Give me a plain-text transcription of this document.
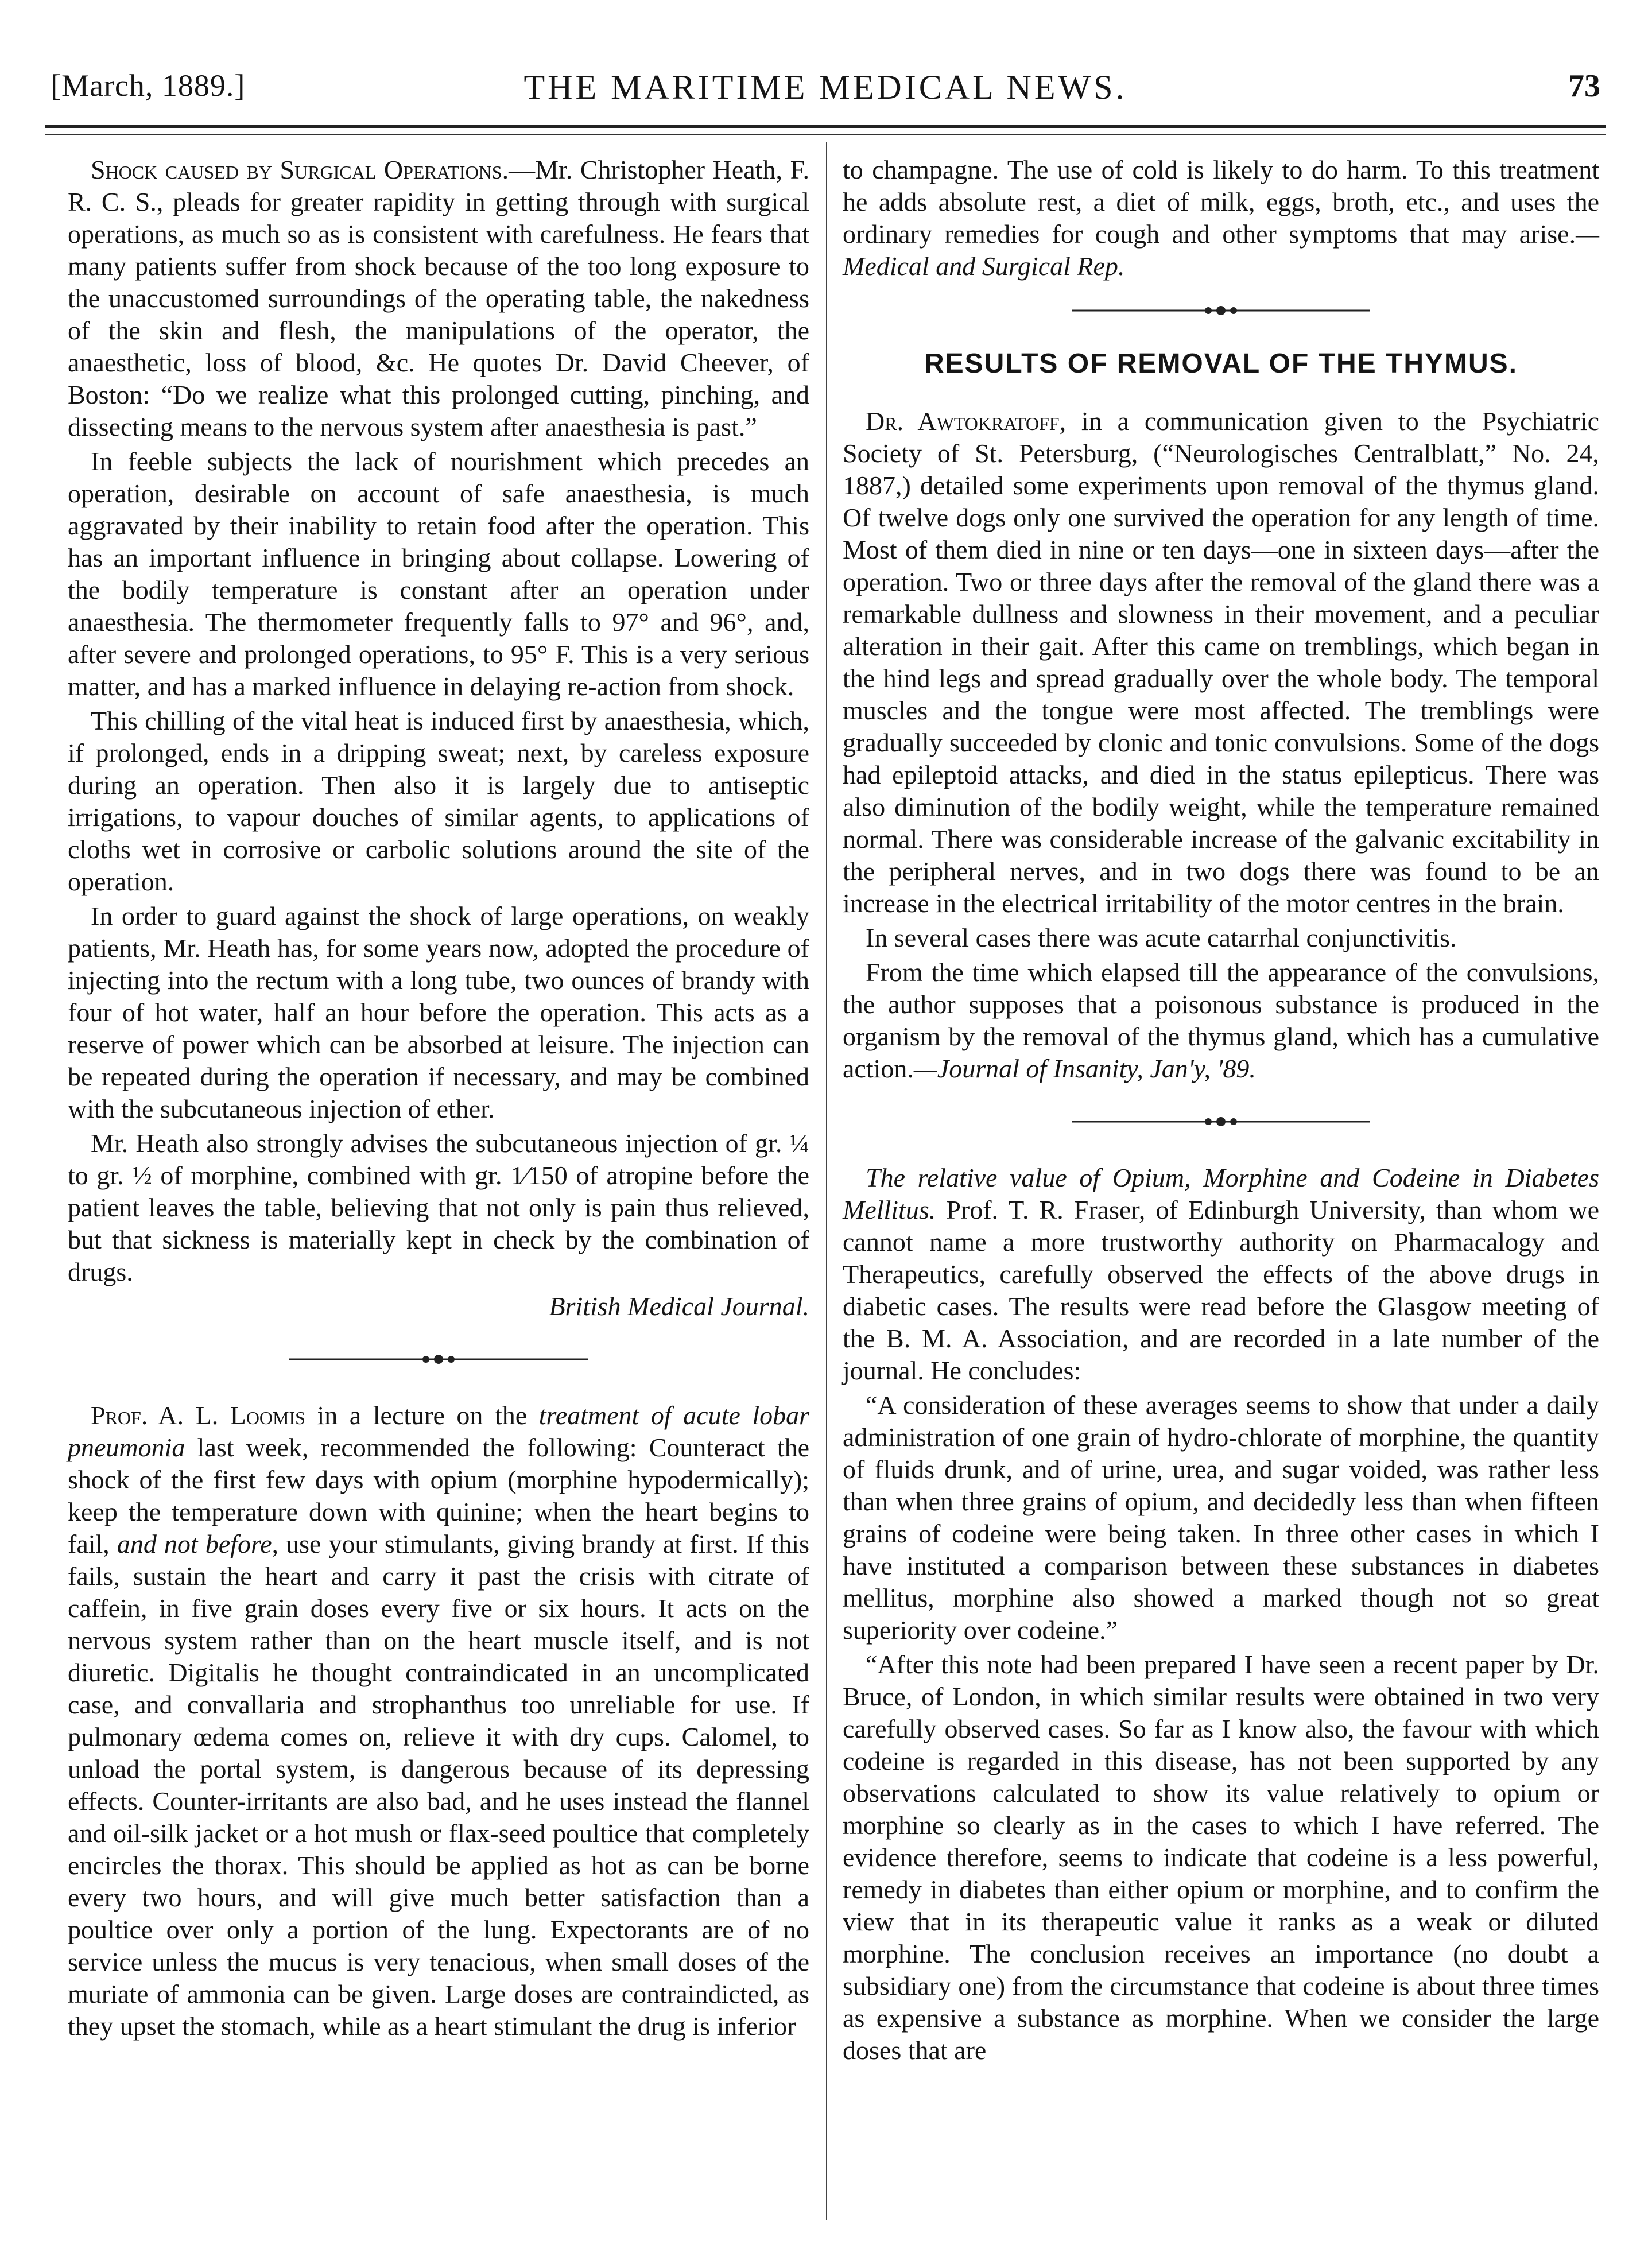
[March, 1889.]	THE MARITIME MEDICAL NEWS.	73

Shock caused by Surgical Operations.—Mr. Christopher Heath, F. R. C. S., pleads for greater rapidity in getting through with surgical operations, as much so as is consistent with carefulness. He fears that many patients suffer from shock because of the too long exposure to the unaccustomed surroundings of the operating table, the nakedness of the skin and flesh, the manipulations of the operator, the anaesthetic, loss of blood, &c. He quotes Dr. David Cheever, of Boston: “Do we realize what this prolonged cutting, pinching, and dissecting means to the nervous system after anaesthesia is past.”

In feeble subjects the lack of nourishment which precedes an operation, desirable on account of safe anaesthesia, is much aggravated by their inability to retain food after the operation. This has an important influence in bringing about collapse. Lowering of the bodily temperature is constant after an operation under anaesthesia. The thermometer frequently falls to 97° and 96°, and, after severe and prolonged operations, to 95° F. This is a very serious matter, and has a marked influence in delaying re-action from shock.

This chilling of the vital heat is induced first by anaesthesia, which, if prolonged, ends in a dripping sweat; next, by careless exposure during an operation. Then also it is largely due to antiseptic irrigations, to vapour douches of similar agents, to applications of cloths wet in corrosive or carbolic solutions around the site of the operation.

In order to guard against the shock of large operations, on weakly patients, Mr. Heath has, for some years now, adopted the procedure of injecting into the rectum with a long tube, two ounces of brandy with four of hot water, half an hour before the operation. This acts as a reserve of power which can be absorbed at leisure. The injection can be repeated during the operation if necessary, and may be combined with the subcutaneous injection of ether.

Mr. Heath also strongly advises the subcutaneous injection of gr. ¼ to gr. ½ of morphine, combined with gr. 1⁄150 of atropine before the patient leaves the table, believing that not only is pain thus relieved, but that sickness is materially kept in check by the combination of drugs.

British Medical Journal.

Prof. A. L. Loomis in a lecture on the treatment of acute lobar pneumonia last week, recommended the following: Counteract the shock of the first few days with opium (morphine hypodermically); keep the temperature down with quinine; when the heart begins to fail, and not before, use your stimulants, giving brandy at first. If this fails, sustain the heart and carry it past the crisis with citrate of caffein, in five grain doses every five or six hours. It acts on the nervous system rather than on the heart muscle itself, and is not diuretic. Digitalis he thought contraindicated in an uncomplicated case, and convallaria and strophanthus too unreliable for use. If pulmonary œdema comes on, relieve it with dry cups. Calomel, to unload the portal system, is dangerous because of its depressing effects. Counter-irritants are also bad, and he uses instead the flannel and oil-silk jacket or a hot mush or flax-seed poultice that completely encircles the thorax. This should be applied as hot as can be borne every two hours, and will give much better satisfaction than a poultice over only a portion of the lung. Expectorants are of no service unless the mucus is very tenacious, when small doses of the muriate of ammonia can be given. Large doses are contraindicted, as they upset the stomach, while as a heart stimulant the drug is inferior

to champagne. The use of cold is likely to do harm. To this treatment he adds absolute rest, a diet of milk, eggs, broth, etc., and uses the ordinary remedies for cough and other symptoms that may arise.—Medical and Surgical Rep.

RESULTS OF REMOVAL OF THE THYMUS.

Dr. Awtokratoff, in a communication given to the Psychiatric Society of St. Petersburg, (“Neurologisches Centralblatt,” No. 24, 1887,) detailed some experiments upon removal of the thymus gland. Of twelve dogs only one survived the operation for any length of time. Most of them died in nine or ten days—one in sixteen days—after the operation. Two or three days after the removal of the gland there was a remarkable dullness and slowness in their movement, and a peculiar alteration in their gait. After this came on tremblings, which began in the hind legs and spread gradually over the whole body. The temporal muscles and the tongue were most affected. The tremblings were gradually succeeded by clonic and tonic convulsions. Some of the dogs had epileptoid attacks, and died in the status epilepticus. There was also diminution of the bodily weight, while the temperature remained normal. There was considerable increase of the galvanic excitability in the peripheral nerves, and in two dogs there was found to be an increase in the electrical irritability of the motor centres in the brain.

In several cases there was acute catarrhal conjunctivitis.

From the time which elapsed till the appearance of the convulsions, the author supposes that a poisonous substance is produced in the organism by the removal of the thymus gland, which has a cumulative action.—Journal of Insanity, Jan'y, '89.

The relative value of Opium, Morphine and Codeine in Diabetes Mellitus. Prof. T. R. Fraser, of Edinburgh University, than whom we cannot name a more trustworthy authority on Pharmacalogy and Therapeutics, carefully observed the effects of the above drugs in diabetic cases. The results were read before the Glasgow meeting of the B. M. A. Association, and are recorded in a late number of the journal. He concludes:

“A consideration of these averages seems to show that under a daily administration of one grain of hydro-chlorate of morphine, the quantity of fluids drunk, and of urine, urea, and sugar voided, was rather less than when three grains of opium, and decidedly less than when fifteen grains of codeine were being taken. In three other cases in which I have instituted a comparison between these substances in diabetes mellitus, morphine also showed a marked though not so great superiority over codeine.”

“After this note had been prepared I have seen a recent paper by Dr. Bruce, of London, in which similar results were obtained in two very carefully observed cases. So far as I know also, the favour with which codeine is regarded in this disease, has not been supported by any observations calculated to show its value relatively to opium or morphine so clearly as in the cases to which I have referred. The evidence therefore, seems to indicate that codeine is a less powerful, remedy in diabetes than either opium or morphine, and to confirm the view that in its therapeutic value it ranks as a weak or diluted morphine. The conclusion receives an importance (no doubt a subsidiary one) from the circumstance that codeine is about three times as expensive a substance as morphine. When we consider the large doses that are
